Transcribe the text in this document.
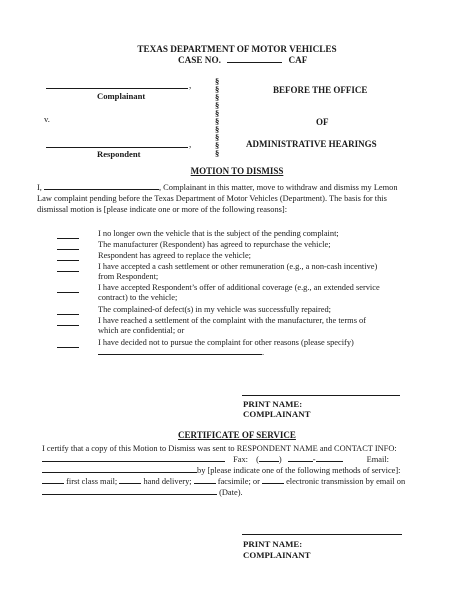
TEXAS DEPARTMENT OF MOTOR VEHICLES
CASE NO.	CAF
,
Complainant
v.
,
Respondent
§
§
§
§
§
§
§
§
§
§
BEFORE THE OFFICE
OF
ADMINISTRATIVE HEARINGS
MOTION TO DISMISS
I,	, Complainant in this matter, move to withdraw and dismiss my Lemon
Law complaint pending before the Texas Department of Motor Vehicles (Department). The basis for this
dismissal motion is [please indicate one or more of the following reasons]:
I no longer own the vehicle that is the subject of the pending complaint;
The manufacturer (Respondent) has agreed to repurchase the vehicle;
Respondent has agreed to replace the vehicle;
I have accepted a cash settlement or other remuneration (e.g., a non-cash incentive)
from Respondent;
I have accepted Respondent’s offer of additional coverage (e.g., an extended service
contract) to the vehicle;
The complained-of defect(s) in my vehicle was successfully repaired;
I have reached a settlement of the complaint with the manufacturer, the terms of
which are confidential; or
I have decided not to pursue the complaint for other reasons (please specify)
.
PRINT NAME:
COMPLAINANT
CERTIFICATE OF SERVICE
I certify that a copy of this Motion to Dismiss was sent to RESPONDENT NAME and CONTACT INFO:
Fax: ( )	-	Email:
by [please indicate one of the following methods of service]:
first class mail;	hand delivery;	facsimile; or	electronic transmission by email on
(Date).
PRINT NAME:
COMPLAINANT
